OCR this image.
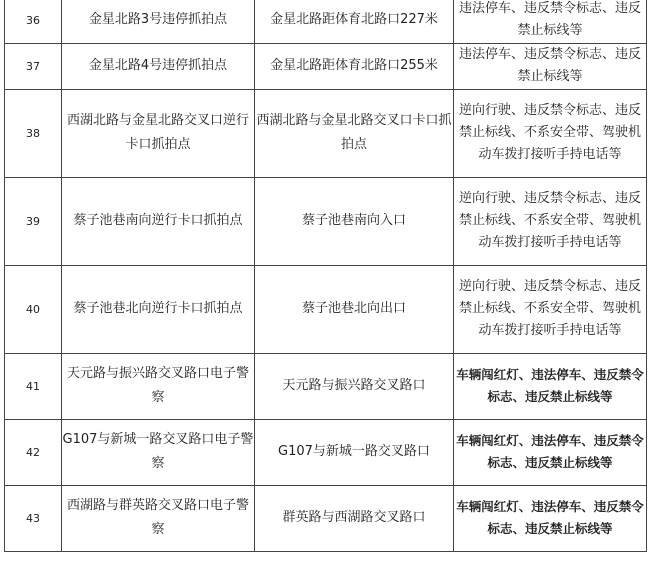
36	金星北路3号违停抓拍点	金星北路距体育北路口227米	违法停车、违反禁令标志、违反禁止标线等
37	金星北路4号违停抓拍点	金星北路距体育北路口255米	违法停车、违反禁令标志、违反禁止标线等
38	西湖北路与金星北路交叉口逆行卡口抓拍点	西湖北路与金星北路交叉口卡口抓拍点	逆向行驶、违反禁令标志、违反禁止标线、不系安全带、驾驶机动车拨打接听手持电话等
39	蔡子池巷南向逆行卡口抓拍点	蔡子池巷南向入口	逆向行驶、违反禁令标志、违反禁止标线、不系安全带、驾驶机动车拨打接听手持电话等
40	蔡子池巷北向逆行卡口抓拍点	蔡子池巷北向出口	逆向行驶、违反禁令标志、违反禁止标线、不系安全带、驾驶机动车拨打接听手持电话等
41	天元路与振兴路交叉路口电子警察	天元路与振兴路交叉路口	车辆闯红灯、违法停车、违反禁令标志、违反禁止标线等
42	G107与新城一路交叉路口电子警察	G107与新城一路交叉路口	车辆闯红灯、违法停车、违反禁令标志、违反禁止标线等
43	西湖路与群英路交叉路口电子警察	群英路与西湖路交叉路口	车辆闯红灯、违法停车、违反禁令标志、违反禁止标线等
